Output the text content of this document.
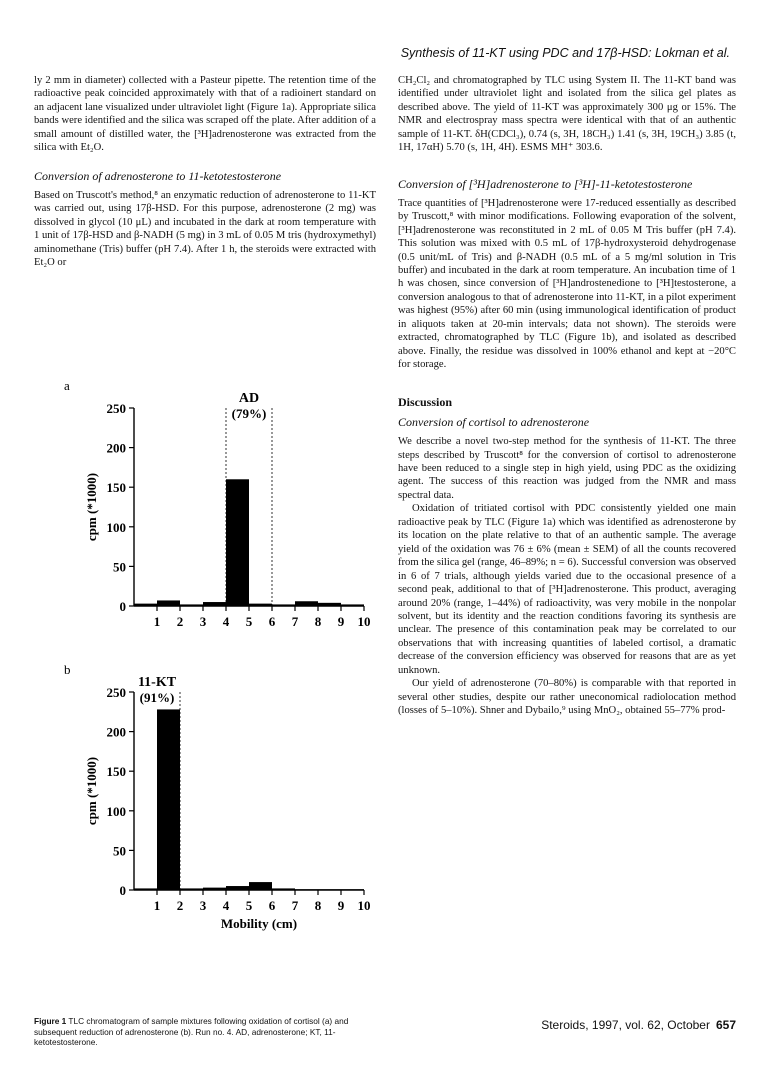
Synthesis of 11-KT using PDC and 17β-HSD: Lokman et al.

ly 2 mm in diameter) collected with a Pasteur pipette. The retention time of the radioactive peak coincided approximately with that of a radioinert standard on an adjacent lane visualized under ultraviolet light (Figure 1a). Appropriate silica bands were identified and the silica was scraped off the plate. After addition of a small amount of distilled water, the [³H]adrenosterone was extracted from the silica with Et₂O.

Conversion of adrenosterone to 11-ketotestosterone

Based on Truscott's method,⁸ an enzymatic reduction of adrenosterone to 11-KT was carried out, using 17β-HSD. For this purpose, adrenosterone (2 mg) was dissolved in glycol (10 μL) and incubated in the dark at room temperature with 1 unit of 17β-HSD and β-NADH (5 mg) in 3 mL of 0.05 M tris (hydroxymethyl) aminomethane (Tris) buffer (pH 7.4). After 1 h, the steroids were extracted with Et₂O or

a
0
50
100
150
200
250
cpm (*1000)
AD
(79%)
1 2 3 4 5 6 7 8 9 10
b
0
50
100
150
200
250
cpm (*1000)
11-KT
(91%)
1 2 3 4 5 6 7 8 9 10
Mobility (cm)
Figure 1 TLC chromatogram of sample mixtures following oxidation of cortisol (a) and subsequent reduction of adrenosterone (b). Run no. 4. AD, adrenosterone; KT, 11-ketotestosterone.

CH₂Cl₂ and chromatographed by TLC using System II. The 11-KT band was identified under ultraviolet light and isolated from the silica gel plates as described above. The yield of 11-KT was approximately 300 μg or 15%. The NMR and electrospray mass spectra were identical with that of an authentic sample of 11-KT. δH(CDCl₃), 0.74 (s, 3H, 18CH₃) 1.41 (s, 3H, 19CH₃) 3.85 (t, 1H, 17αH) 5.70 (s, 1H, 4H). ESMS MH⁺ 303.6.

Conversion of [³H]adrenosterone to [³H]-11-ketotestosterone

Trace quantities of [³H]adrenosterone were 17-reduced essentially as described by Truscott,⁸ with minor modifications. Following evaporation of the solvent, [³H]adrenosterone was reconstituted in 2 mL of 0.05 M Tris buffer (pH 7.4). This solution was mixed with 0.5 mL of 17β-hydroxysteroid dehydrogenase (0.5 unit/mL of Tris) and β-NADH (0.5 mL of a 5 mg/ml solution in Tris buffer) and incubated in the dark at room temperature. An incubation time of 1 h was chosen, since conversion of [³H]androstenedione to [³H]testosterone, a conversion analogous to that of adrenosterone into 11-KT, in a pilot experiment was highest (95%) after 60 min (using immunological identification of product in aliquots taken at 20-min intervals; data not shown). The steroids were extracted, chromatographed by TLC (Figure 1b), and isolated as described above. Finally, the residue was dissolved in 100% ethanol and kept at −20°C for storage.

Discussion
Conversion of cortisol to adrenosterone

We describe a novel two-step method for the synthesis of 11-KT. The three steps described by Truscott⁸ for the conversion of cortisol to adrenosterone have been reduced to a single step in high yield, using PDC as the oxidizing agent. The success of this reaction was judged from the NMR and mass spectral data.

Oxidation of tritiated cortisol with PDC consistently yielded one main radioactive peak by TLC (Figure 1a) which was identified as adrenosterone by its location on the plate relative to that of an authentic sample. The average yield of the oxidation was 76 ± 6% (mean ± SEM) of all the counts recovered from the silica gel (range, 46–89%; n = 6). Successful conversion was observed in 6 of 7 trials, although yields varied due to the occasional presence of a second peak, additional to that of [³H]adrenosterone. This product, averaging around 20% (range, 1–44%) of radioactivity, was very mobile in the nonpolar solvent, but its identity and the reaction conditions favoring its synthesis are unclear. The presence of this contamination peak may be correlated to our observations that with increasing quantities of labeled cortisol, a dramatic decrease of the conversion efficiency was observed for reasons that are as yet unknown.

Our yield of adrenosterone (70–80%) is comparable with that reported in several other studies, despite our rather uneconomical radiolocation method (losses of 5–10%). Shner and Dybailo,⁹ using MnO₂, obtained 55–77% prod-

Steroids, 1997, vol. 62, October 657
